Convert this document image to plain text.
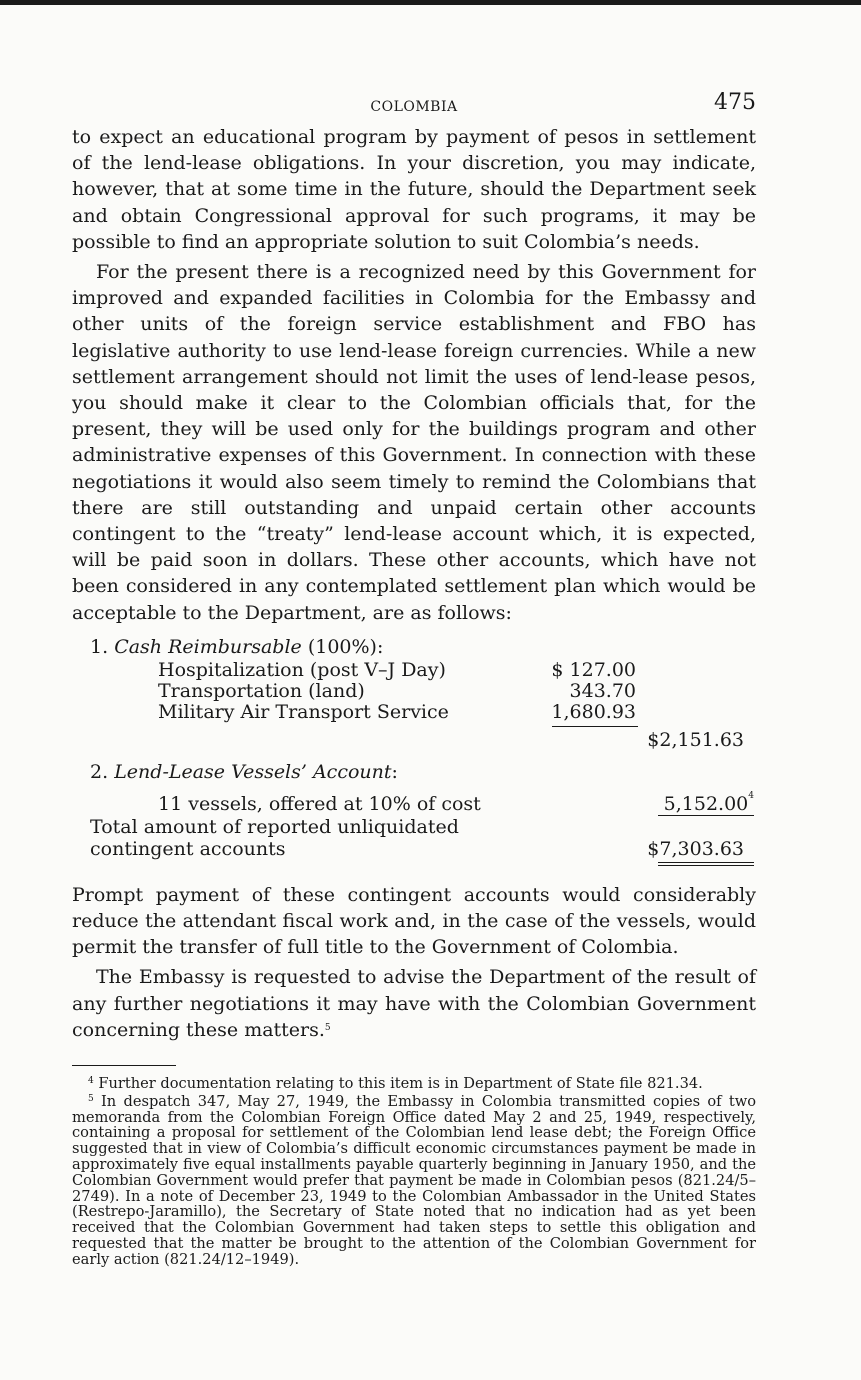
COLOMBIA	475

to expect an educational program by payment of pesos in settlement of the lend-lease obligations. In your discretion, you may indicate, however, that at some time in the future, should the Department seek and obtain Congressional approval for such programs, it may be possible to find an appropriate solution to suit Colombia’s needs.

For the present there is a recognized need by this Government for improved and expanded facilities in Colombia for the Embassy and other units of the foreign service establishment and FBO has legislative authority to use lend-lease foreign currencies. While a new settlement arrangement should not limit the uses of lend-lease pesos, you should make it clear to the Colombian officials that, for the present, they will be used only for the buildings program and other administrative expenses of this Government. In connection with these negotiations it would also seem timely to remind the Colombians that there are still outstanding and unpaid certain other accounts contingent to the “treaty” lend-lease account which, it is expected, will be paid soon in dollars. These other accounts, which have not been considered in any contemplated settlement plan which would be acceptable to the Department, are as follows:

1. Cash Reimbursable (100%):
Hospitalization (post V–J Day)	$ 127.00
Transportation (land)	343.70
Military Air Transport Service	1,680.93
$2,151.63
2. Lend-Lease Vessels’ Account:
11 vessels, offered at 10% of cost	5,152.00$^4$
Total amount of reported unliquidated
contingent accounts	$7,303.63

Prompt payment of these contingent accounts would considerably reduce the attendant fiscal work and, in the case of the vessels, would permit the transfer of full title to the Government of Colombia.

The Embassy is requested to advise the Department of the result of any further negotiations it may have with the Colombian Government concerning these matters.$^5$

$^4$ Further documentation relating to this item is in Department of State file 821.34.

$^5$ In despatch 347, May 27, 1949, the Embassy in Colombia transmitted copies of two memoranda from the Colombian Foreign Office dated May 2 and 25, 1949, respectively, containing a proposal for settlement of the Colombian lend lease debt; the Foreign Office suggested that in view of Colombia’s difficult economic circumstances payment be made in approximately five equal installments payable quarterly beginning in January 1950, and the Colombian Government would prefer that payment be made in Colombian pesos (821.24/5–2749). In a note of December 23, 1949 to the Colombian Ambassador in the United States (Restrepo-Jaramillo), the Secretary of State noted that no indication had as yet been received that the Colombian Government had taken steps to settle this obligation and requested that the matter be brought to the attention of the Colombian Government for early action (821.24/12–1949).
